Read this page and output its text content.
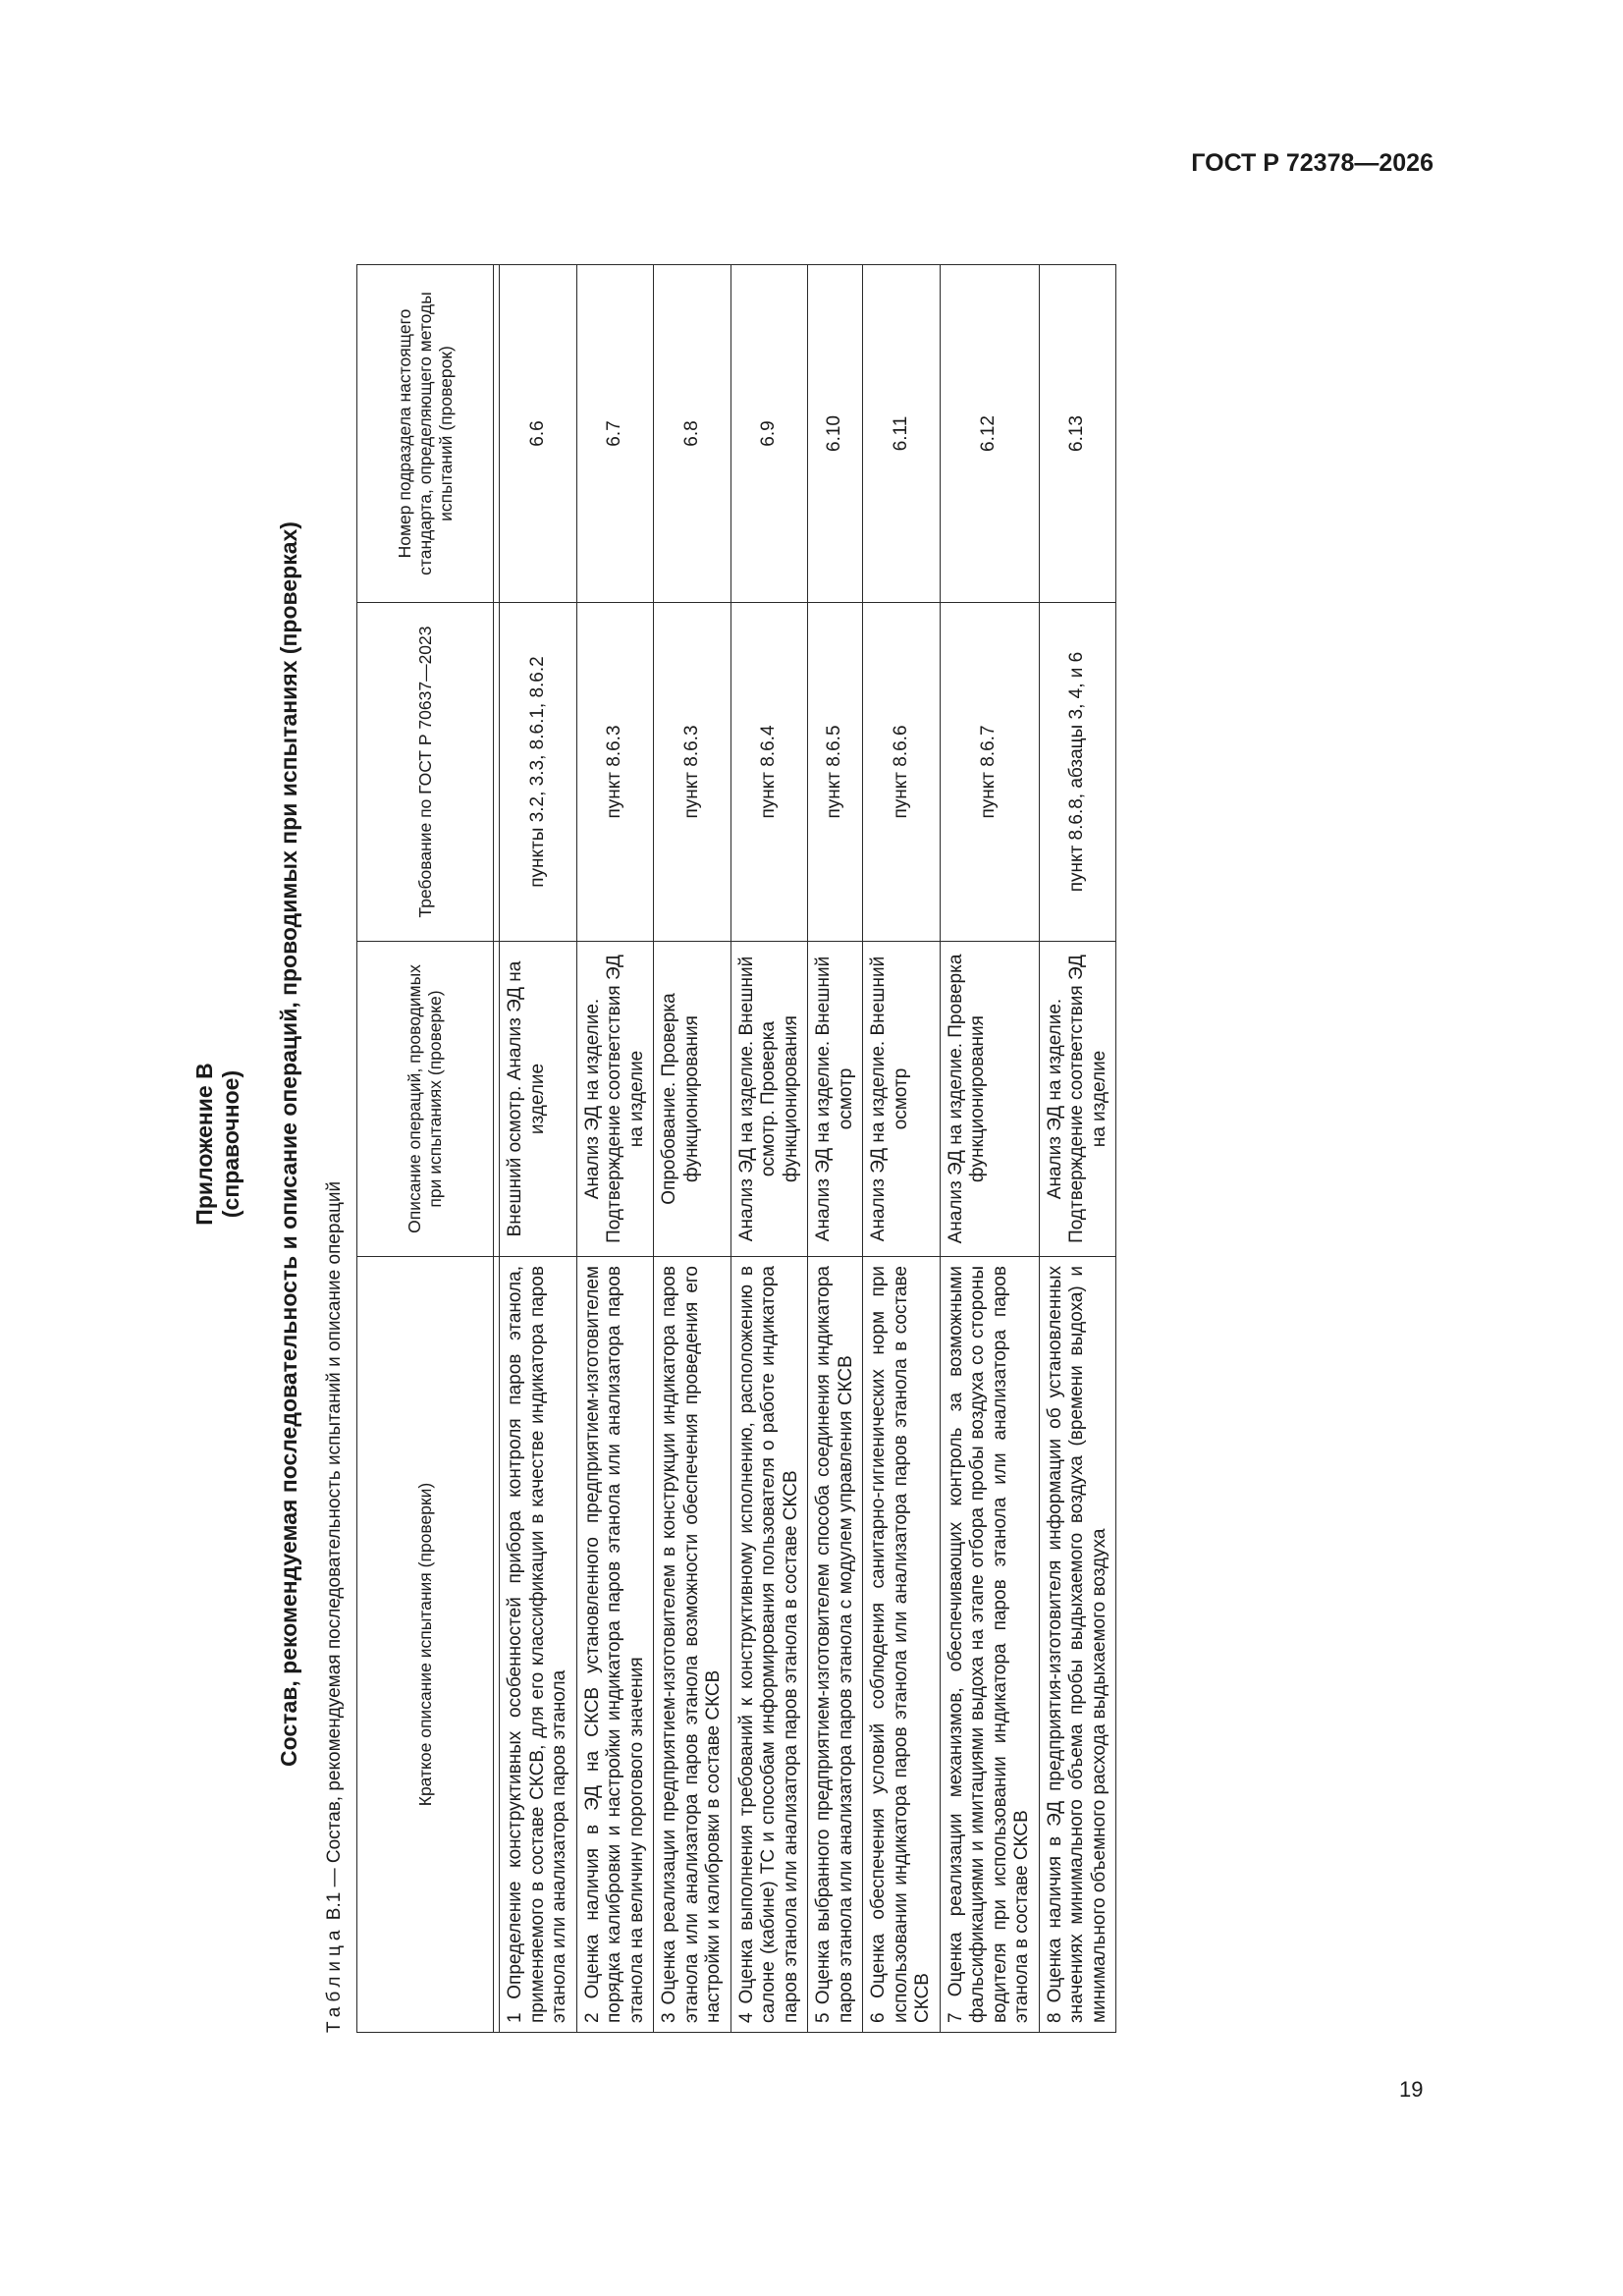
ГОСТ Р 72378—2026
Приложение В (справочное) Состав, рекомендуемая последовательность и описание операций, проводимых при испытаниях (проверках)
Таблица В.1 — Состав, рекомендуемая последовательность испытаний и описание операций	Краткое описание испытания (проверки)	Описание операций, проводимых при испытаниях (проверке)	Требование по ГОСТ Р 70637—2023	Номер подраздела настоящего стандарта, определяющего методы испытаний (проверок)

1 Определение конструктивных особенностей прибора контроля паров этанола, применяемого в составе СКСВ, для его классификации в качестве индикатора паров этанола или анализатора паров этанола	Внешний осмотр. Анализ ЭД на изделие	пункты 3.2, 3.3, 8.6.1, 8.6.2	6.6
2 Оценка наличия в ЭД на СКСВ установленного предприятием-изготовителем порядка калибровки и настройки индикатора паров этанола или анализатора паров этанола на величину порогового значения	Анализ ЭД на изделие. Подтверждение соответствия ЭД на изделие	пункт 8.6.3	6.7
3 Оценка реализации предприятием-изготовителем в конструкции индикатора паров этанола или анализатора паров этанола возможности обеспечения проведения его настройки и калибровки в составе СКСВ	Опробование. Проверка функционирования	пункт 8.6.3	6.8
4 Оценка выполнения требований к конструктивному исполнению, расположению в салоне (кабине) ТС и способам информирования пользователя о работе индикатора паров этанола или анализатора паров этанола в составе СКСВ	Анализ ЭД на изделие. Внешний осмотр. Проверка функционирования	пункт 8.6.4	6.9
5 Оценка выбранного предприятием-изготовителем способа соединения индикатора паров этанола или анализатора паров этанола с модулем управления СКСВ	Анализ ЭД на изделие. Внешний осмотр	пункт 8.6.5	6.10
6 Оценка обеспечения условий соблюдения санитарно-гигиенических норм при использовании индикатора паров этанола или анализатора паров этанола в составе СКСВ	Анализ ЭД на изделие. Внешний осмотр	пункт 8.6.6	6.11
7 Оценка реализации механизмов, обеспечивающих контроль за возможными фальсификациями и имитациями выдоха на этапе отбора пробы воздуха со стороны водителя при использовании индикатора паров этанола или анализатора паров этанола в составе СКСВ	Анализ ЭД на изделие. Проверка функционирования	пункт 8.6.7	6.12
8 Оценка наличия в ЭД предприятия-изготовителя информации об установленных значениях минимального объема пробы выдыхаемого воздуха (времени выдоха) и минимального объемного расхода выдыхаемого воздуха	Анализ ЭД на изделие. Подтверждение соответствия ЭД на изделие	пункт 8.6.8, абзацы 3, 4, и 6	6.13
19
